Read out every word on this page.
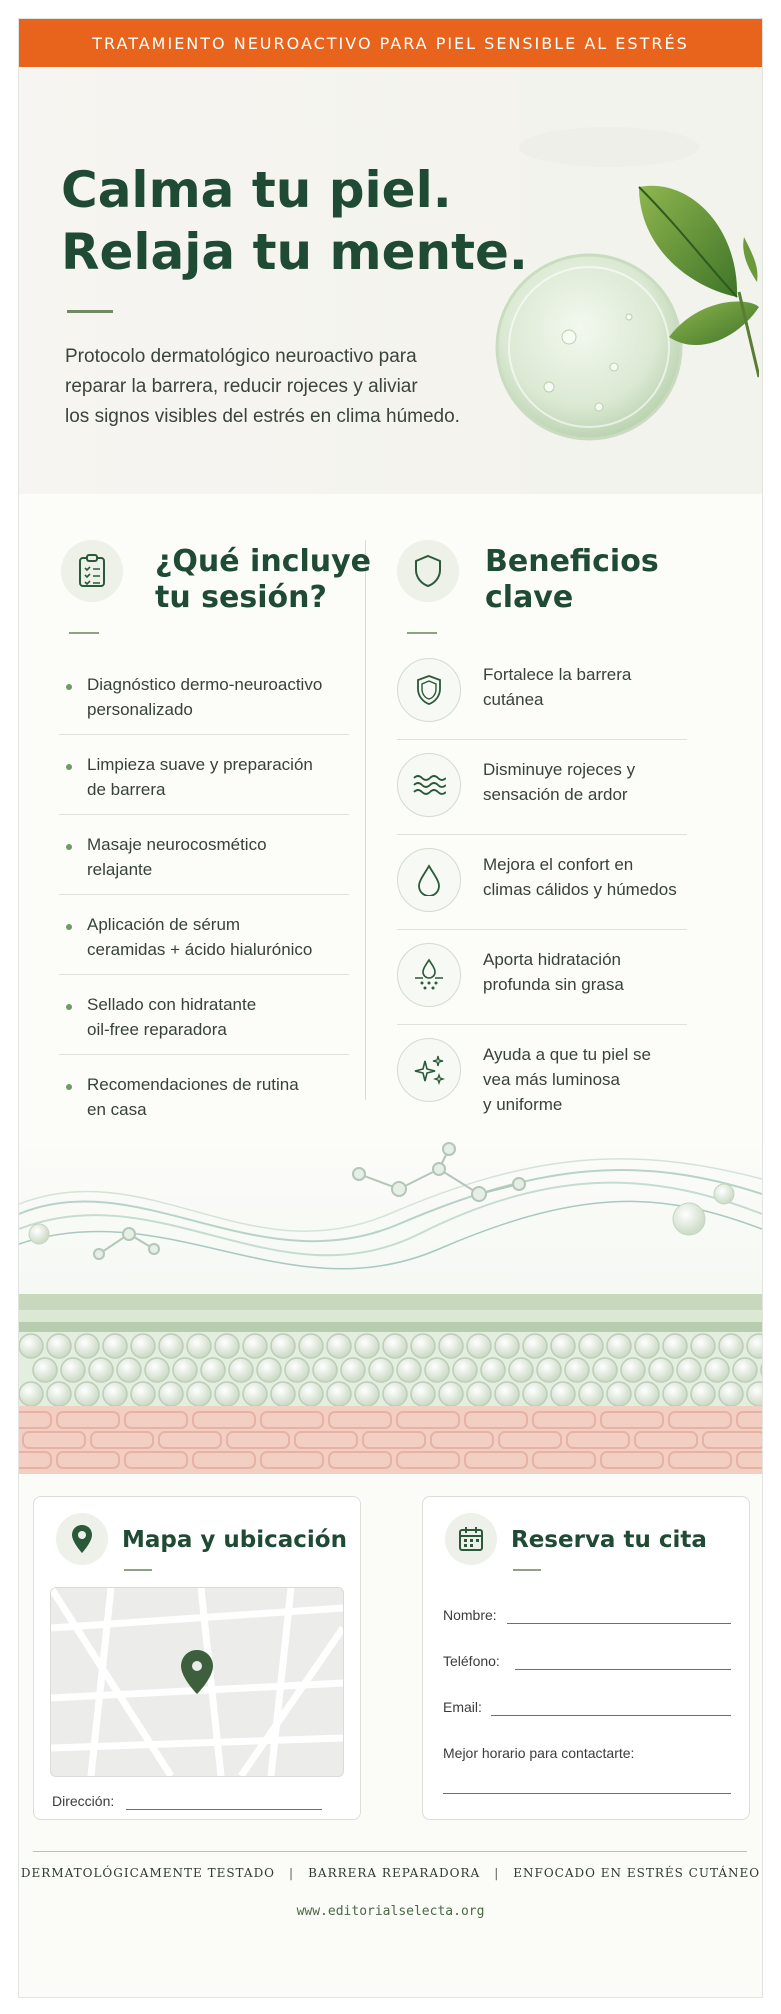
TRATAMIENTO NEUROACTIVO PARA PIEL SENSIBLE AL ESTRÉS
Calma tu piel.
Relaja tu mente.

Protocolo dermatológico neuroactivo para
reparar la barrera, reducir rojeces y aliviar
los signos visibles del estrés en clima húmedo.

¿Qué incluye
tu sesión?
Diagnóstico dermo-neuroactivo
personalizado
Limpieza suave y preparación
de barrera
Masaje neurocosmético
relajante
Aplicación de sérum
ceramidas + ácido hialurónico
Sellado con hidratante
oil-free reparadora
Recomendaciones de rutina
en casa
Beneficios
clave
Fortalece la barrera
cutánea
Disminuye rojeces y
sensación de ardor
Mejora el confort en
climas cálidos y húmedos
Aporta hidratación
profunda sin grasa
Ayuda a que tu piel se
vea más luminosa
y uniforme
Mapa y ubicación
Dirección:
Reserva tu cita
Nombre:
Teléfono:
Email:
Mejor horario para contactarte:
DERMATOLÓGICAMENTE TESTADO | BARRERA REPARADORA | ENFOCADO EN ESTRÉS CUTÁNEO
www.editorialselecta.org
